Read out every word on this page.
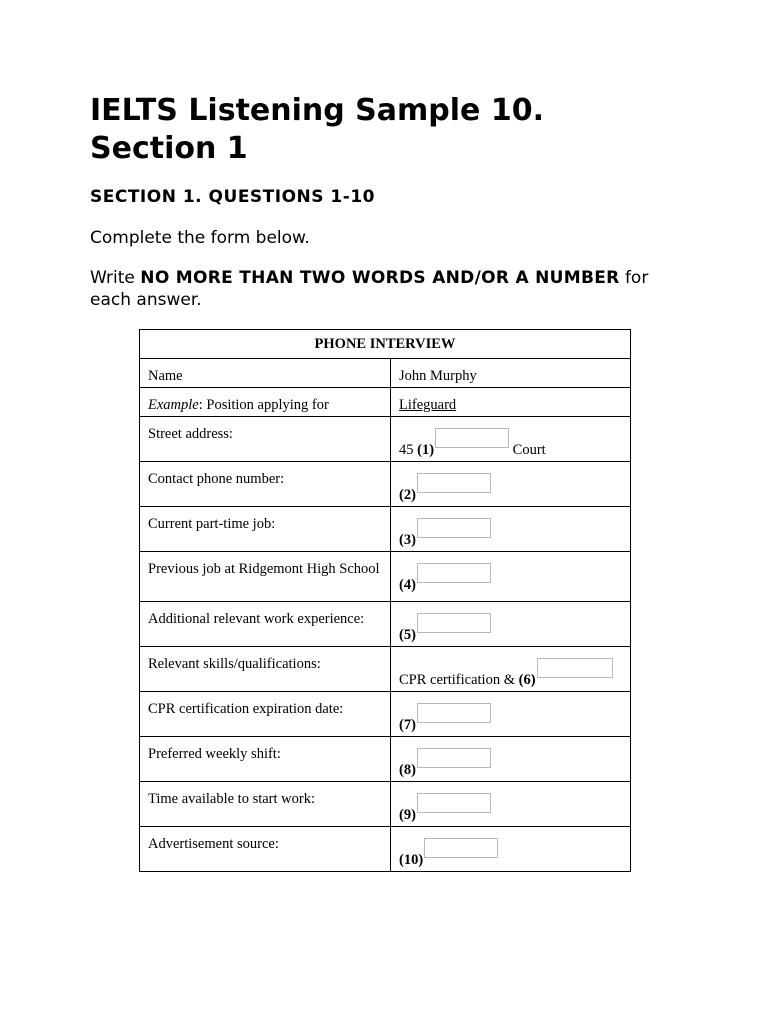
IELTS Listening Sample 10.
Section 1

SECTION 1. QUESTIONS 1-10

Complete the form below.

Write NO MORE THAN TWO WORDS AND/OR A NUMBER for each answer.

PHONE INTERVIEW	
Name	John Murphy
Example: Position applying for	Lifeguard
Street address:	45 (1) Court
Contact phone number:	(2)
Current part-time job:	(3)
Previous job at Ridgemont High School	(4)
Additional relevant work experience:	(5)
Relevant skills/qualifications:	CPR certification & (6)
CPR certification expiration date:	(7)
Preferred weekly shift:	(8)
Time available to start work:	(9)
Advertisement source:	(10)
